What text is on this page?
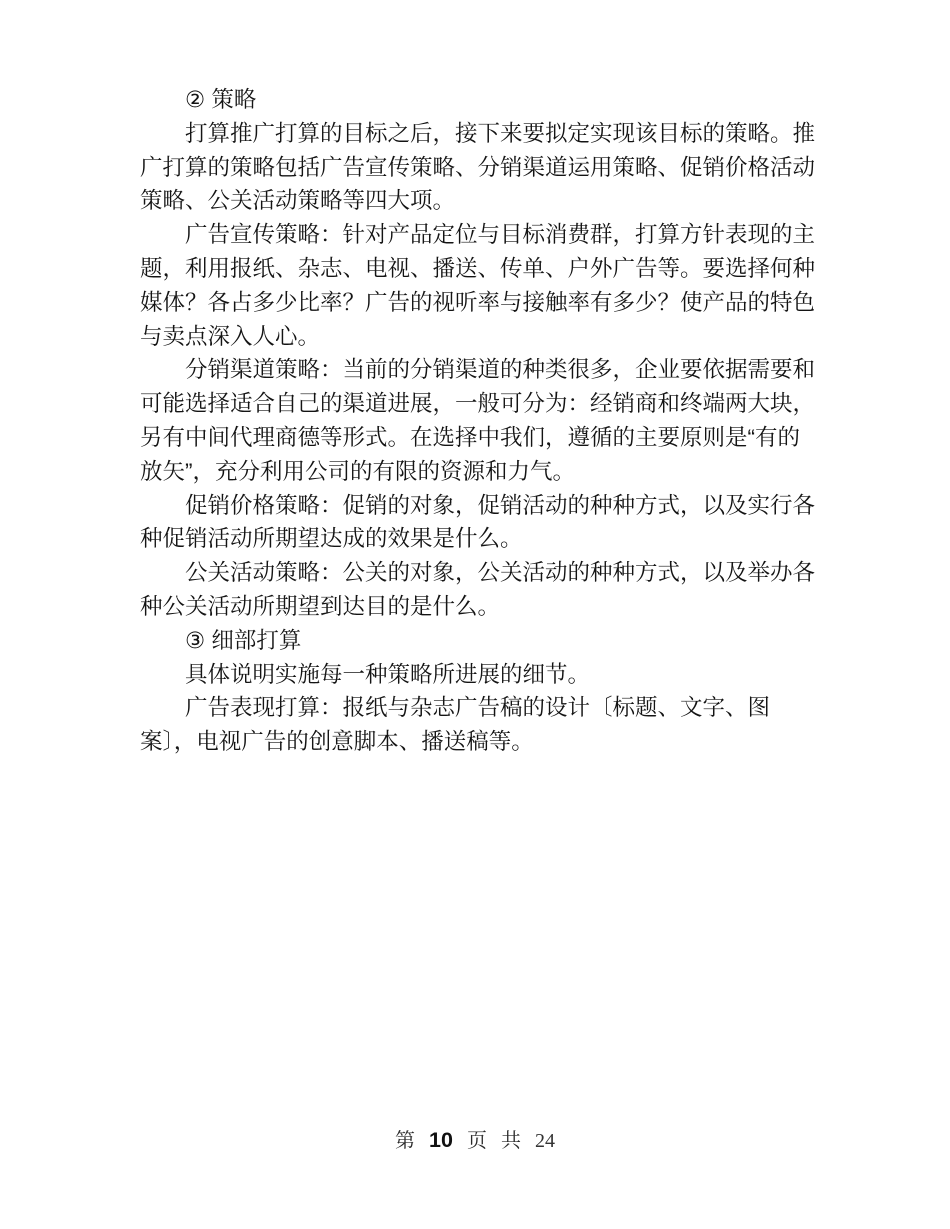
② 策略
打算推广打算的目标之后，接下来要拟定实现该目标的策略。推
广打算的策略包括广告宣传策略、分销渠道运用策略、促销价格活动
策略、公关活动策略等四大项。
广告宣传策略：针对产品定位与目标消费群，打算方针表现的主
题，利用报纸、杂志、电视、播送、传单、户外广告等。要选择何种
媒体？各占多少比率？广告的视听率与接触率有多少？使产品的特色
与卖点深入人心。
分销渠道策略：当前的分销渠道的种类很多，企业要依据需要和
可能选择适合自己的渠道进展，一般可分为：经销商和终端两大块，
另有中间代理商德等形式。在选择中我们，遵循的主要原则是“有的
放矢”，充分利用公司的有限的资源和力气。
促销价格策略：促销的对象，促销活动的种种方式，以及实行各
种促销活动所期望达成的效果是什么。
公关活动策略：公关的对象，公关活动的种种方式，以及举办各
种公关活动所期望到达目的是什么。
③ 细部打算
具体说明实施每一种策略所进展的细节。
广告表现打算：报纸与杂志广告稿的设计〔标题、文字、图
案〕，电视广告的创意脚本、播送稿等。
第 10 页 共 24
